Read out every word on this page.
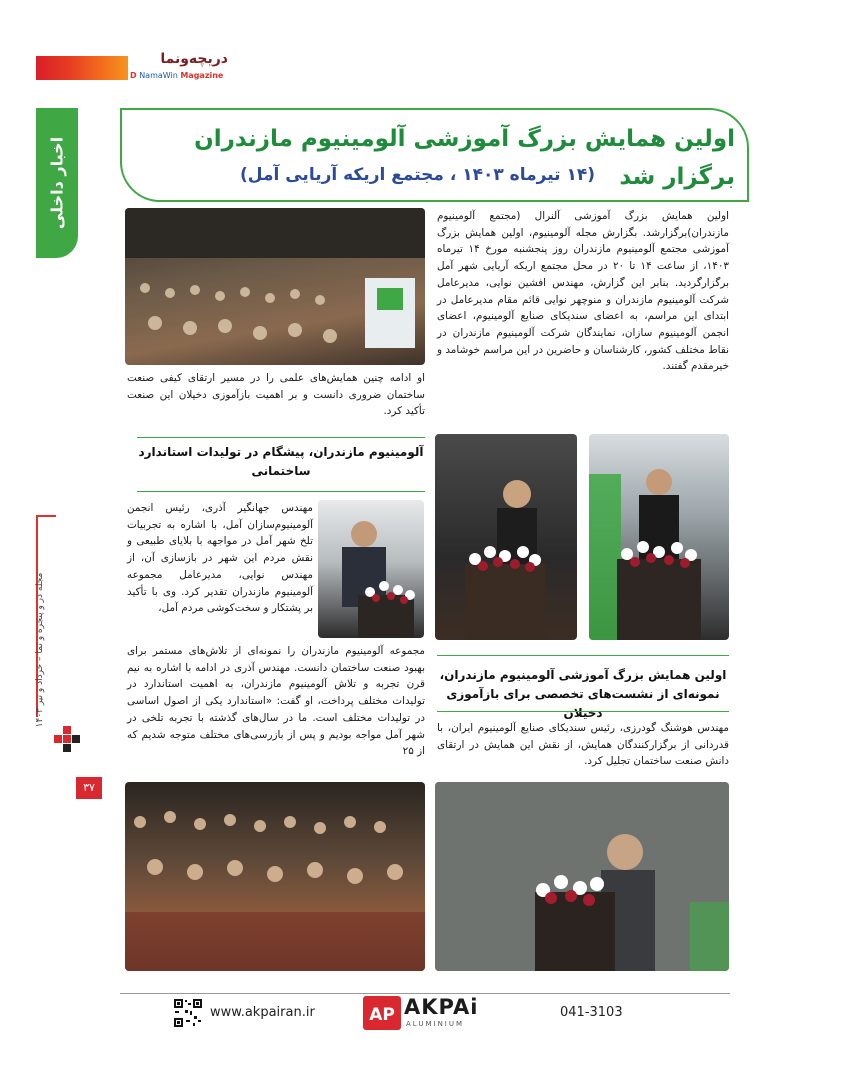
دریچه‌و‌نما
D NamaWin Magazine
اخبار داخلی
مجله در و پنجره و نما – خرداد و تیر ۱۴۰۳
۳۷
اولین همایش بزرگ آموزشی آلومینیوم مازندران برگزار شد
(۱۴ تیرماه ۱۴۰۳ ، مجتمع اریکه آریایی آمل)
اولین همایش بزرگ آموزشی آلنرال (مجتمع آلومینیوم مازندران)برگزارشد. بگزارش مجله آلومینیوم، اولین همایش بزرگ آموزشی مجتمع آلومینیوم مازندران روز پنجشنبه مورخ ۱۴ تیرماه ۱۴۰۳، از ساعت ۱۴ تا ۲۰ در محل مجتمع اریکه آریایی شهر آمل برگزارگردید. بنابر این گزارش، مهندس افشین نوایی، مدیرعامل شرکت آلومینیوم مازندران و منوچهر نوایی قائم مقام مدیرعامل در ابتدای این مراسم، به اعضای سندیکای صنایع آلومینیوم، اعضای انجمن آلومینیوم سازان، نمایندگان شرکت آلومینیوم مازندران در نقاط مختلف کشور، کارشناسان و حاضرین در این مراسم خوشامد و خیرمقدم گفتند.
او ادامه چنین همایش‌های علمی را در مسیر ارتقای کیفی صنعت ساختمان ضروری دانست و بر اهمیت بازآموزی دخیلان این صنعت تأکید کرد.
آلومینیوم مازندران، پیشگام در تولیدات استاندارد ساختمانی
مهندس جهانگیر آذری، رئیس انجمن آلومینیوم‌سازان آمل، با اشاره به تجربیات تلخ شهر آمل در مواجهه با بلایای طبیعی و نقش مردم این شهر در بازسازی آن، از مهندس نوایی، مدیرعامل مجموعه آلومینیوم مازندران تقدیر کرد. وی با تأکید بر پشتکار و سخت‌کوشی مردم آمل،
مجموعه آلومینیوم مازندران را نمونه‌ای از تلاش‌های مستمر برای بهبود صنعت ساختمان دانست. مهندس آذری در ادامه با اشاره به نیم قرن تجربه و تلاش آلومینیوم مازندران، به اهمیت استاندارد در تولیدات مختلف پرداخت، او گفت: «استاندارد یکی از اصول اساسی در تولیدات مختلف است. ما در سال‌های گذشته با تجربه تلخی در شهر آمل مواجه بودیم و پس از بازرسی‌های مختلف متوجه شدیم که از ۲۵
اولین همایش بزرگ آموزشی آلومینیوم مازندران، نمونه‌ای از نشست‌های تخصصی برای بازآموزی دخیلان
مهندس هوشنگ گودرزی، رئیس سندیکای صنایع آلومینیوم ایران، با قدردانی از برگزارکنندگان همایش، از نقش این همایش در ارتقای دانش صنعت ساختمان تجلیل کرد.
www.akpairan.ir	AP AKPAi
ALUMINIUM
041-3103
